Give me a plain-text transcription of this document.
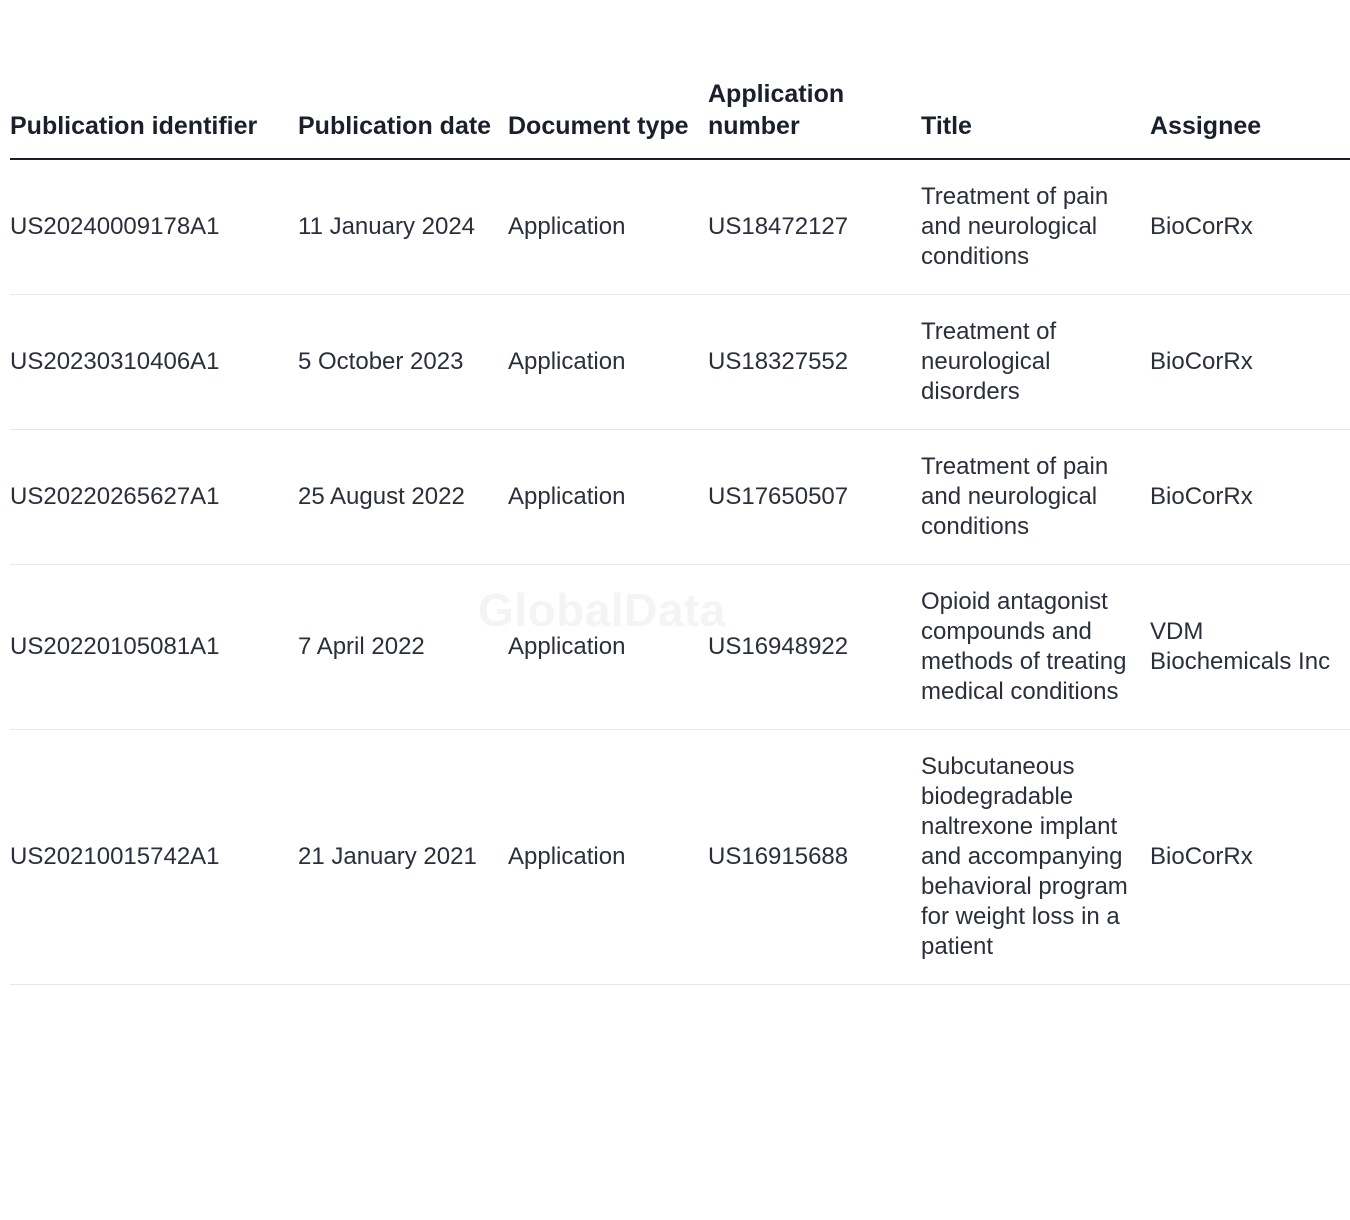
Publication identifier	Publication date	Document type	Application number	Title	Assignee
US20240009178A1	11 January 2024	Application	US18472127	Treatment of pain and neurological conditions	BioCorRx
US20230310406A1	5 October 2023	Application	US18327552	Treatment of neurological disorders	BioCorRx
US20220265627A1	25 August 2022	Application	US17650507	Treatment of pain and neurological conditions	BioCorRx
US20220105081A1	7 April 2022	Application	US16948922	Opioid antagonist compounds and methods of treating medical conditions	VDM Biochemicals Inc
US20210015742A1	21 January 2021	Application	US16915688	Subcutaneous biodegradable naltrexone implant and accompanying behavioral program for weight loss in a patient	BioCorRx
GlobalData
